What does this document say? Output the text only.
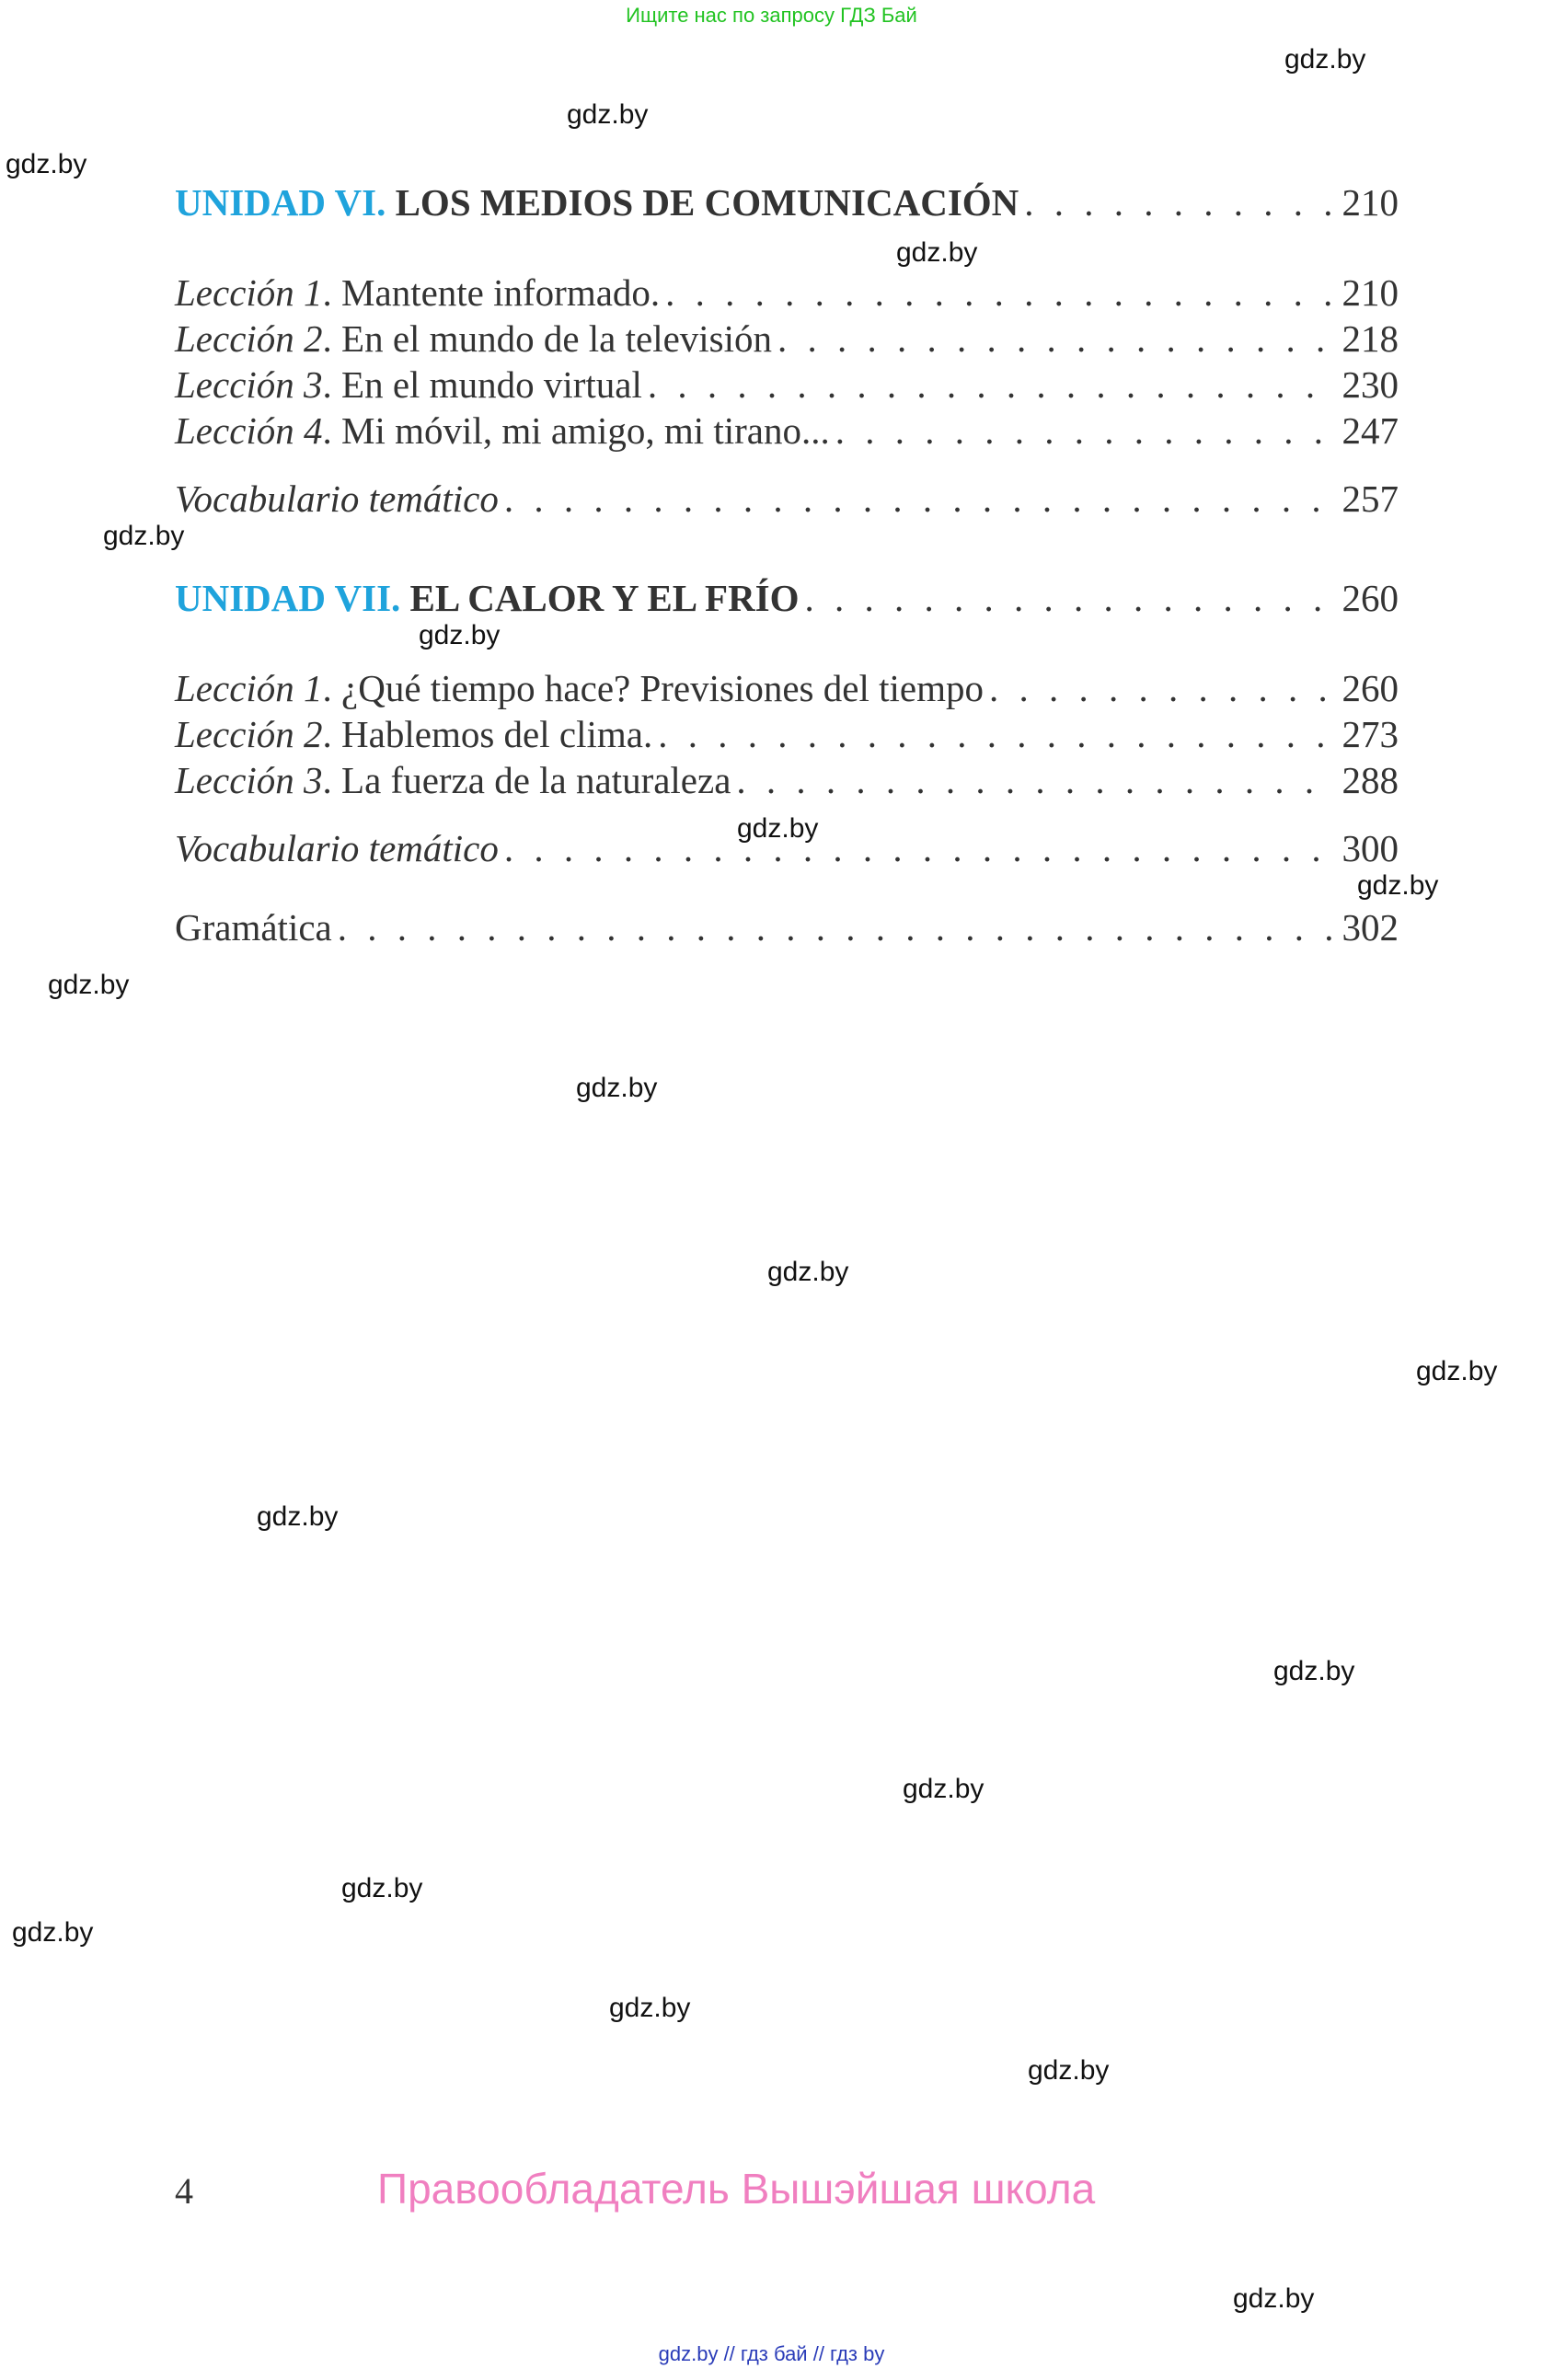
Ищите нас по запросу ГДЗ Бай
gdz.by
gdz.by
gdz.by
gdz.by
gdz.by
gdz.by
gdz.by
gdz.by
gdz.by
gdz.by
gdz.by
gdz.by
gdz.by
gdz.by
gdz.by
gdz.by
gdz.by
gdz.by
gdz.by
gdz.by
UNIDAD VI. LOS MEDIOS DE COMUNICACIÓN . . .	210
Lección 1. Mantente informado. . . .	210
Lección 2. En el mundo de la televisión . . .	218
Lección 3. En el mundo virtual . . .	230
Lección 4. Mi móvil, mi amigo, mi tirano... . . .	247
Vocabulario temático . . .	257
UNIDAD VII. EL CALOR Y EL FRÍO . . .	260
Lección 1. ¿Qué tiempo hace? Previsiones del tiempo . . .	260
Lección 2. Hablemos del clima. . . .	273
Lección 3. La fuerza de la naturaleza . . .	288
Vocabulario temático . . .	300
Gramática . . .	302
4	Правообладатель Вышэйшая школа
gdz.by // гдз бай // гдз by
